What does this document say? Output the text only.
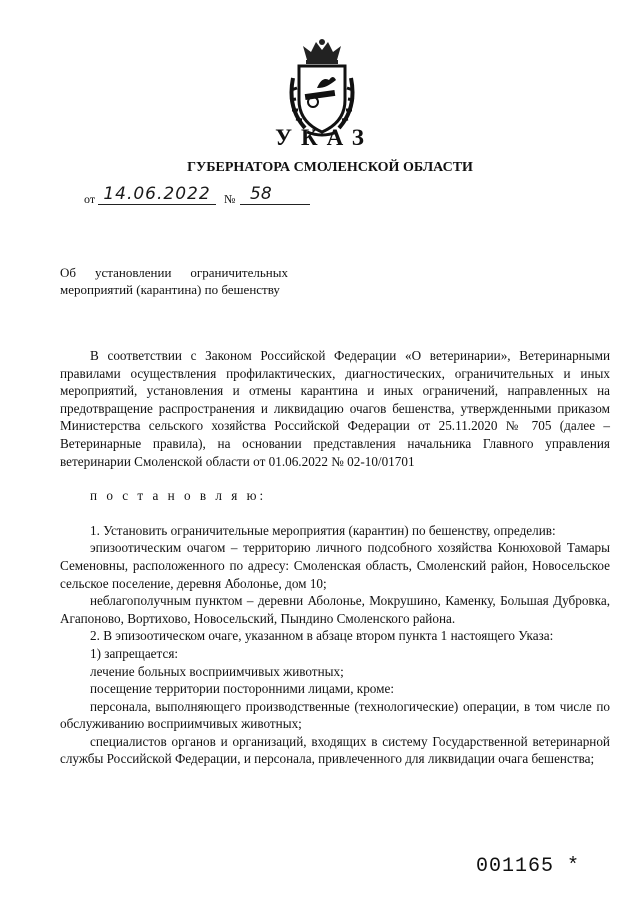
УКАЗ
ГУБЕРНАТОРА СМОЛЕНСКОЙ ОБЛАСТИ
от 14.06.2022	№ 58
Об установлении ограничительных мероприятий (карантина) по бешенству

В соответствии с Законом Российской Федерации «О ветеринарии», Ветеринарными правилами осуществления профилактических, диагностических, ограничительных и иных мероприятий, установления и отмены карантина и иных ограничений, направленных на предотвращение распространения и ликвидацию очагов бешенства, утвержденными приказом Министерства сельского хозяйства Российской Федерации от 25.11.2020 № 705 (далее – Ветеринарные правила), на основании представления начальника Главного управления ветеринарии Смоленской области от 01.06.2022 № 02-10/01701

п о с т а н о в л я ю:

1. Установить ограничительные мероприятия (карантин) по бешенству, определив:

эпизоотическим очагом – территорию личного подсобного хозяйства Конюховой Тамары Семеновны, расположенного по адресу: Смоленская область, Смоленский район, Новосельское сельское поселение, деревня Аболонье, дом 10;

неблагополучным пунктом – деревни Аболонье, Мокрушино, Каменку, Большая Дубровка, Агапоново, Вортихово, Новосельский, Пындино Смоленского района.

2. В эпизоотическом очаге, указанном в абзаце втором пункта 1 настоящего Указа:

1) запрещается:

лечение больных восприимчивых животных;

посещение территории посторонними лицами, кроме:

персонала, выполняющего производственные (технологические) операции, в том числе по обслуживанию восприимчивых животных;

специалистов органов и организаций, входящих в систему Государственной ветеринарной службы Российской Федерации, и персонала, привлеченного для ликвидации очага бешенства;

001165 *
